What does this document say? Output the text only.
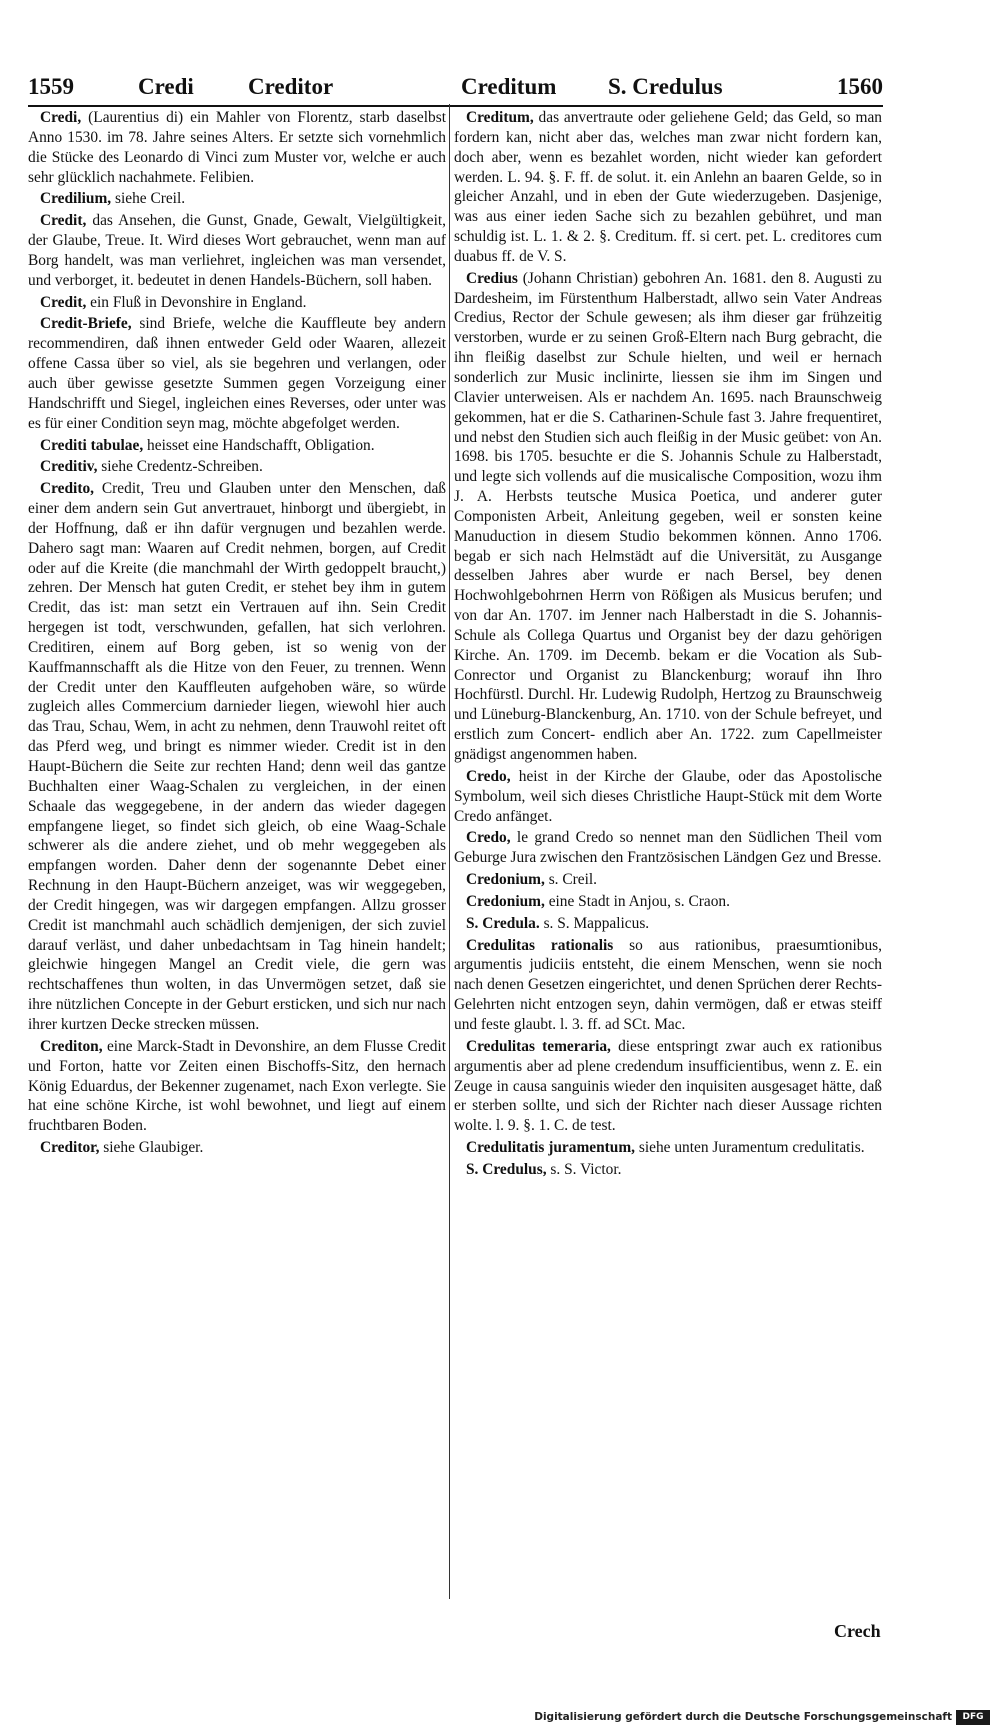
1559	Credi Creditor	Creditum S. Credulus	1560

Credi, (Laurentius di) ein Mahler von Florentz, starb daselbst Anno 1530. im 78. Jahre seines Alters. Er setzte sich vornehmlich die Stücke des Leonardo di Vinci zum Muster vor, welche er auch sehr glücklich nachahmete. Felibien.

Credilium, siehe Creil.

Credit, das Ansehen, die Gunst, Gnade, Gewalt, Vielgültigkeit, der Glaube, Treue. It. Wird dieses Wort gebrauchet, wenn man auf Borg handelt, was man verliehret, ingleichen was man versendet, und verborget, it. bedeutet in denen Handels-Büchern, soll haben.

Credit, ein Fluß in Devonshire in England.

Credit-Briefe, sind Briefe, welche die Kauffleute bey andern recommendiren, daß ihnen entweder Geld oder Waaren, allezeit offene Cassa über so viel, als sie begehren und verlangen, oder auch über gewisse gesetzte Summen gegen Vorzeigung einer Handschrifft und Siegel, ingleichen eines Reverses, oder unter was es für einer Condition seyn mag, möchte abgefolget werden.

Crediti tabulae, heisset eine Handschafft, Obligation.

Creditiv, siehe Credentz-Schreiben.

Credito, Credit, Treu und Glauben unter den Menschen, daß einer dem andern sein Gut anvertrauet, hinborgt und übergiebt, in der Hoffnung, daß er ihn dafür vergnugen und bezahlen werde. Dahero sagt man: Waaren auf Credit nehmen, borgen, auf Credit oder auf die Kreite (die manchmahl der Wirth gedoppelt braucht,) zehren. Der Mensch hat guten Credit, er stehet bey ihm in gutem Credit, das ist: man setzt ein Vertrauen auf ihn. Sein Credit hergegen ist todt, verschwunden, gefallen, hat sich verlohren. Creditiren, einem auf Borg geben, ist so wenig von der Kauffmannschafft als die Hitze von den Feuer, zu trennen. Wenn der Credit unter den Kauffleuten aufgehoben wäre, so würde zugleich alles Commercium darnieder liegen, wiewohl hier auch das Trau, Schau, Wem, in acht zu nehmen, denn Trauwohl reitet oft das Pferd weg, und bringt es nimmer wieder. Credit ist in den Haupt-Büchern die Seite zur rechten Hand; denn weil das gantze Buchhalten einer Waag-Schalen zu vergleichen, in der einen Schaale das weggegebene, in der andern das wieder dagegen empfangene lieget, so findet sich gleich, ob eine Waag-Schale schwerer als die andere ziehet, und ob mehr weggegeben als empfangen worden. Daher denn der sogenannte Debet einer Rechnung in den Haupt-Büchern anzeiget, was wir weggegeben, der Credit hingegen, was wir dargegen empfangen. Allzu grosser Credit ist manchmahl auch schädlich demjenigen, der sich zuviel darauf verläst, und daher unbedachtsam in Tag hinein handelt; gleichwie hingegen Mangel an Credit viele, die gern was rechtschaffenes thun wolten, in das Unvermögen setzet, daß sie ihre nützlichen Concepte in der Geburt ersticken, und sich nur nach ihrer kurtzen Decke strecken müssen.

Crediton, eine Marck-Stadt in Devonshire, an dem Flusse Credit und Forton, hatte vor Zeiten einen Bischoffs-Sitz, den hernach König Eduardus, der Bekenner zugenamet, nach Exon verlegte. Sie hat eine schöne Kirche, ist wohl bewohnet, und liegt auf einem fruchtbaren Boden.

Creditor, siehe Glaubiger.

Creditum, das anvertraute oder geliehene Geld; das Geld, so man fordern kan, nicht aber das, welches man zwar nicht fordern kan, doch aber, wenn es bezahlet worden, nicht wieder kan gefordert werden. L. 94. §. F. ff. de solut. it. ein Anlehn an baaren Gelde, so in gleicher Anzahl, und in eben der Gute wiederzugeben. Dasjenige, was aus einer ieden Sache sich zu bezahlen gebühret, und man schuldig ist. L. 1. & 2. §. Creditum. ff. si cert. pet. L. creditores cum duabus ff. de V. S.

Credius (Johann Christian) gebohren An. 1681. den 8. Augusti zu Dardesheim, im Fürstenthum Halberstadt, allwo sein Vater Andreas Credius, Rector der Schule gewesen; als ihm dieser gar frühzeitig verstorben, wurde er zu seinen Groß-Eltern nach Burg gebracht, die ihn fleißig daselbst zur Schule hielten, und weil er hernach sonderlich zur Music inclinirte, liessen sie ihm im Singen und Clavier unterweisen. Als er nachdem An. 1695. nach Braunschweig gekommen, hat er die S. Catharinen-Schule fast 3. Jahre frequentiret, und nebst den Studien sich auch fleißig in der Music geübet: von An. 1698. bis 1705. besuchte er die S. Johannis Schule zu Halberstadt, und legte sich vollends auf die musicalische Composition, wozu ihm J. A. Herbsts teutsche Musica Poetica, und anderer guter Componisten Arbeit, Anleitung gegeben, weil er sonsten keine Manuduction in diesem Studio bekommen können. Anno 1706. begab er sich nach Helmstädt auf die Universität, zu Ausgange desselben Jahres aber wurde er nach Bersel, bey denen Hochwohlgebohrnen Herrn von Rößigen als Musicus berufen; und von dar An. 1707. im Jenner nach Halberstadt in die S. Johannis-Schule als Collega Quartus und Organist bey der dazu gehörigen Kirche. An. 1709. im Decemb. bekam er die Vocation als Sub-Conrector und Organist zu Blanckenburg; worauf ihn Ihro Hochfürstl. Durchl. Hr. Ludewig Rudolph, Hertzog zu Braunschweig und Lüneburg-Blanckenburg, An. 1710. von der Schule befreyet, und erstlich zum Concert- endlich aber An. 1722. zum Capellmeister gnädigst angenommen haben.

Credo, heist in der Kirche der Glaube, oder das Apostolische Symbolum, weil sich dieses Christliche Haupt-Stück mit dem Worte Credo anfänget.

Credo, le grand Credo so nennet man den Südlichen Theil vom Geburge Jura zwischen den Frantzösischen Ländgen Gez und Bresse.

Credonium, s. Creil.

Credonium, eine Stadt in Anjou, s. Craon.

S. Credula. s. S. Mappalicus.

Credulitas rationalis so aus rationibus, praesumtionibus, argumentis judiciis entsteht, die einem Menschen, wenn sie noch nach denen Gesetzen eingerichtet, und denen Sprüchen derer Rechts-Gelehrten nicht entzogen seyn, dahin vermögen, daß er etwas steiff und feste glaubt. l. 3. ff. ad SCt. Mac.

Credulitas temeraria, diese entspringt zwar auch ex rationibus argumentis aber ad plene credendum insufficientibus, wenn z. E. ein Zeuge in causa sanguinis wieder den inquisiten ausgesaget hätte, daß er sterben sollte, und sich der Richter nach dieser Aussage richten wolte. l. 9. §. 1. C. de test.

Credulitatis juramentum, siehe unten Juramentum credulitatis.

S. Credulus, s. S. Victor.

Crech
Digitalisierung gefördert durch die Deutsche Forschungsgemeinschaft	DFG
